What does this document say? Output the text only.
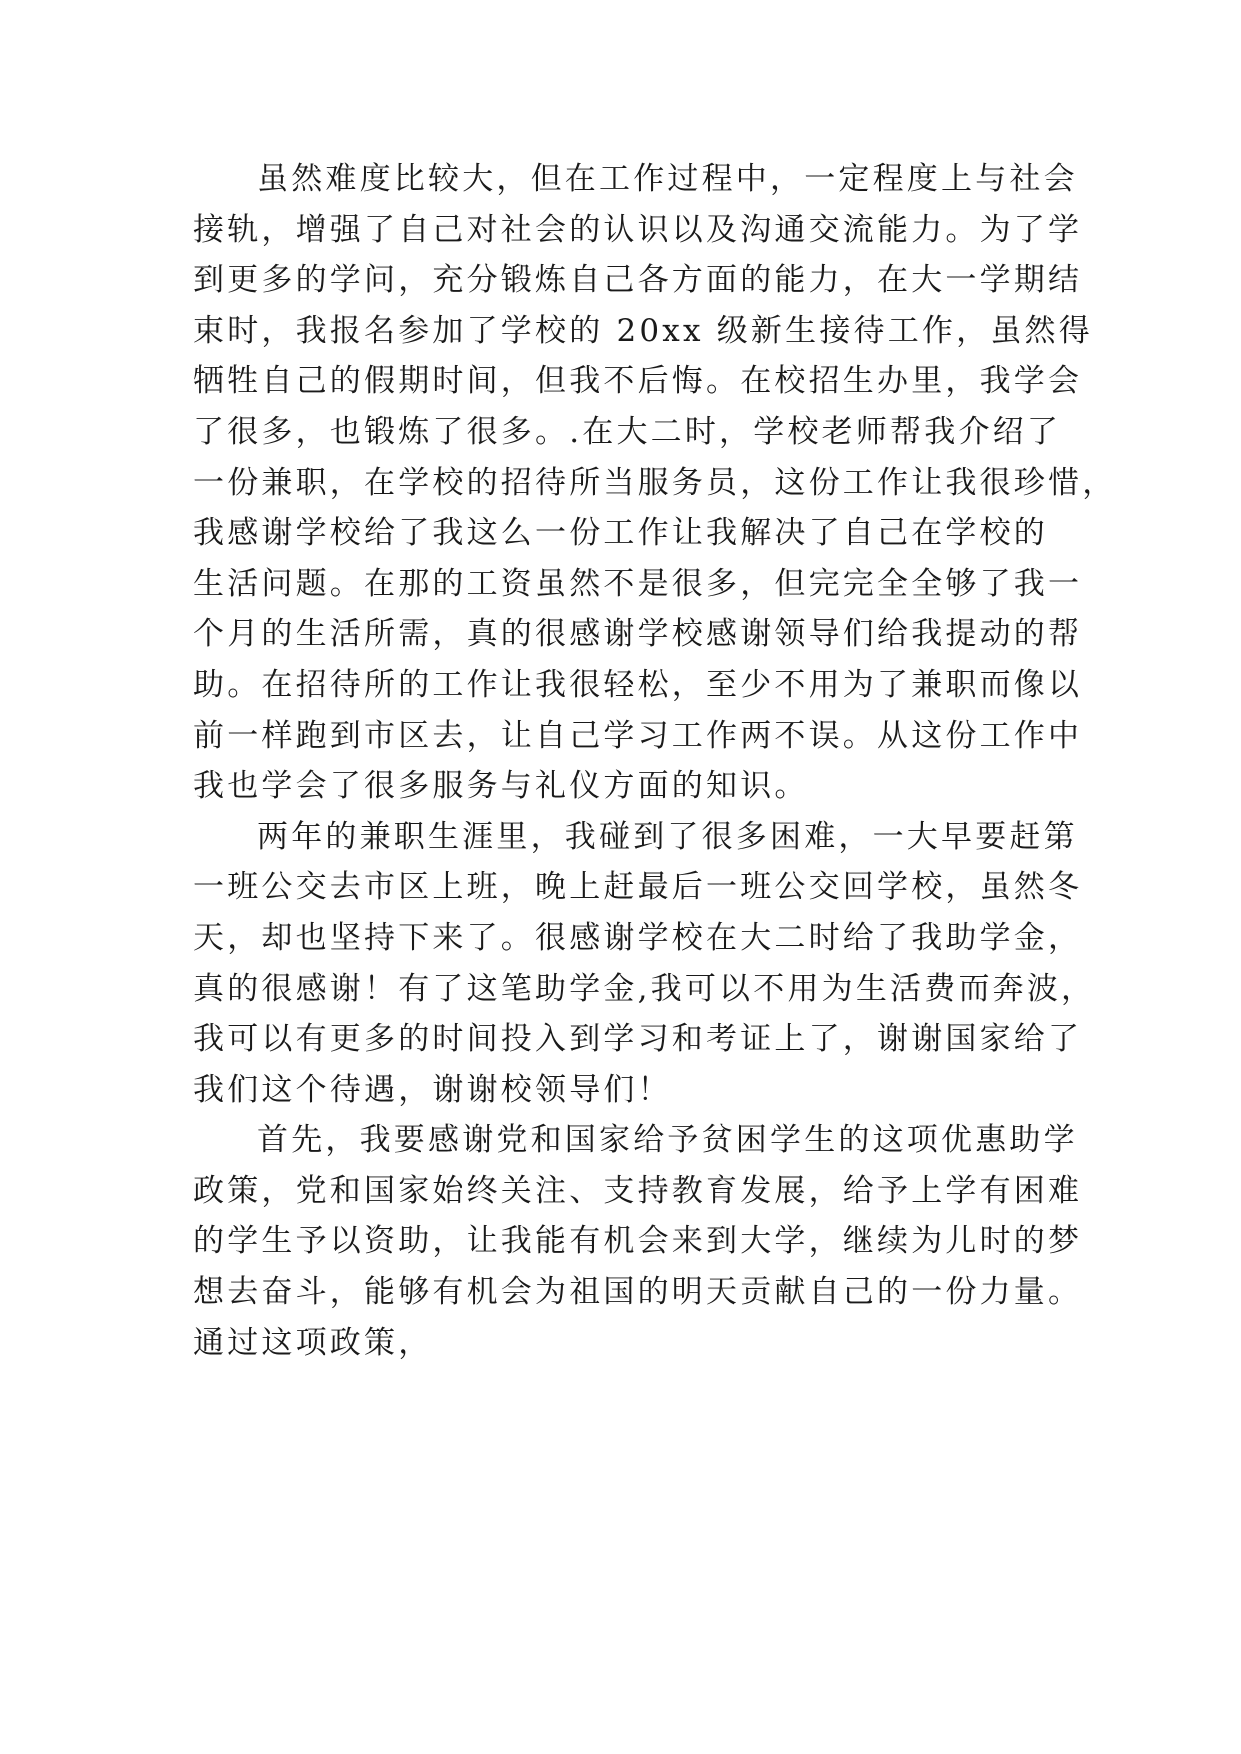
虽然难度比较大，但在工作过程中，一定程度上与社会
接轨，增强了自己对社会的认识以及沟通交流能力。为了学
到更多的学问，充分锻炼自己各方面的能力，在大一学期结
束时，我报名参加了学校的 20xx 级新生接待工作，虽然得
牺牲自己的假期时间，但我不后悔。在校招生办里，我学会
了很多，也锻炼了很多。.在大二时，学校老师帮我介绍了
一份兼职，在学校的招待所当服务员，这份工作让我很珍惜，
我感谢学校给了我这么一份工作让我解决了自己在学校的
生活问题。在那的工资虽然不是很多，但完完全全够了我一
个月的生活所需，真的很感谢学校感谢领导们给我提动的帮
助。在招待所的工作让我很轻松，至少不用为了兼职而像以
前一样跑到市区去，让自己学习工作两不误。从这份工作中
我也学会了很多服务与礼仪方面的知识。
两年的兼职生涯里，我碰到了很多困难，一大早要赶第
一班公交去市区上班，晚上赶最后一班公交回学校，虽然冬
天，却也坚持下来了。很感谢学校在大二时给了我助学金，
真的很感谢！有了这笔助学金,我可以不用为生活费而奔波，
我可以有更多的时间投入到学习和考证上了，谢谢国家给了
我们这个待遇，谢谢校领导们！
首先，我要感谢党和国家给予贫困学生的这项优惠助学
政策，党和国家始终关注、支持教育发展，给予上学有困难
的学生予以资助，让我能有机会来到大学，继续为儿时的梦
想去奋斗，能够有机会为祖国的明天贡献自己的一份力量。
通过这项政策，
